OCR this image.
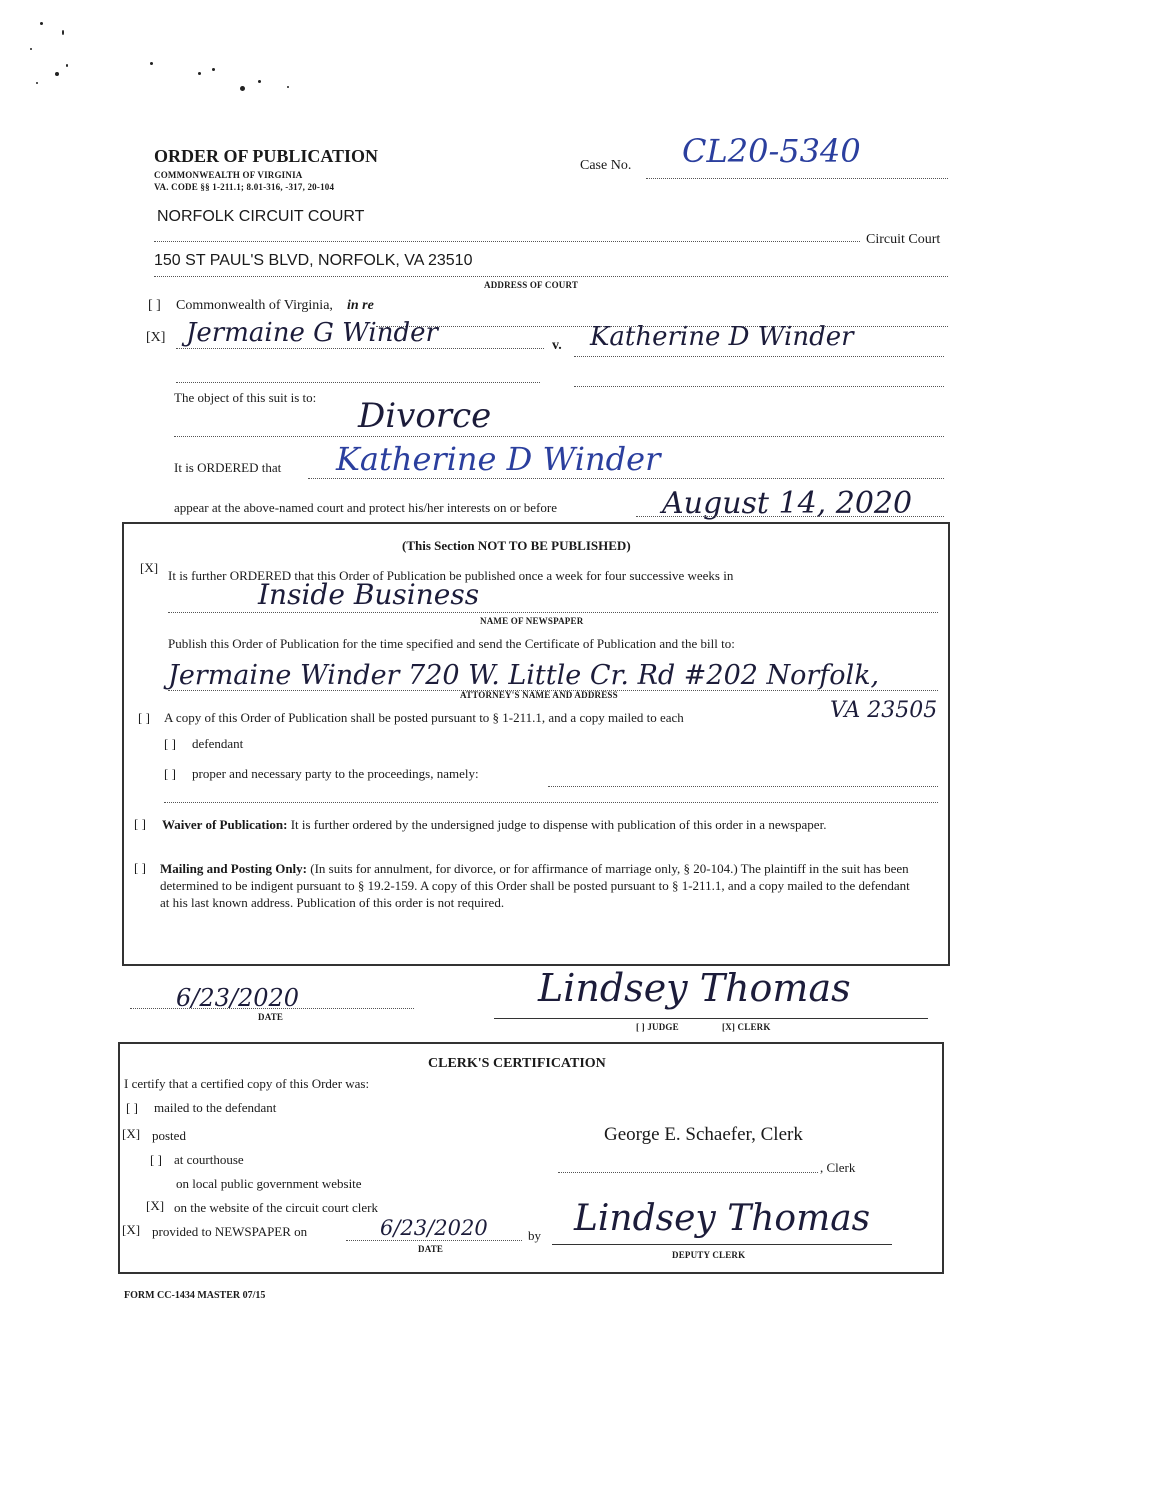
ORDER OF PUBLICATION
COMMONWEALTH OF VIRGINIA
VA. CODE §§ 1-211.1; 8.01-316, -317, 20-104
Case No. CL20-5340
NORFOLK CIRCUIT COURT
Circuit Court
150 ST PAUL'S BLVD, NORFOLK, VA 23510
ADDRESS OF COURT
[ ] Commonwealth of Virginia, in re
[X] Jermaine G Winder	v. Katherine D Winder
The object of this suit is to: Divorce
It is ORDERED that Katherine D Winder
appear at the above-named court and protect his/her interests on or before	August 14, 2020
(This Section NOT TO BE PUBLISHED)
[X]
It is further ORDERED that this Order of Publication be published once a week for four successive weeks in
Inside Business
NAME OF NEWSPAPER
Publish this Order of Publication for the time specified and send the Certificate of Publication and the bill to:
Jermaine Winder 720 W. Little Cr. Rd #202 Norfolk,
ATTORNEY'S NAME AND ADDRESS
VA 23505
[ ] A copy of this Order of Publication shall be posted pursuant to § 1-211.1, and a copy mailed to each
[ ] defendant
[ ] proper and necessary party to the proceedings, namely:
[ ] Waiver of Publication: It is further ordered by the undersigned judge to dispense with publication of this order in a newspaper.
[ ] Mailing and Posting Only: (In suits for annulment, for divorce, or for affirmance of marriage only, § 20-104.) The plaintiff in the suit has been determined to be indigent pursuant to § 19.2-159. A copy of this Order shall be posted pursuant to § 1-211.1, and a copy mailed to the defendant at his last known address. Publication of this order is not required.
6/23/2020
DATE
Lindsey Thomas
[ ] JUDGE	[X] CLERK
CLERK'S CERTIFICATION
I certify that a certified copy of this Order was:
[ ] mailed to the defendant
[X] posted
[ ] at courthouse
on local public government website
[X] on the website of the circuit court clerk
[X] provided to NEWSPAPER on	6/23/2020
DATE
by Lindsey Thomas
DEPUTY CLERK
George E. Schaefer, Clerk
, Clerk
FORM CC-1434 MASTER 07/15
